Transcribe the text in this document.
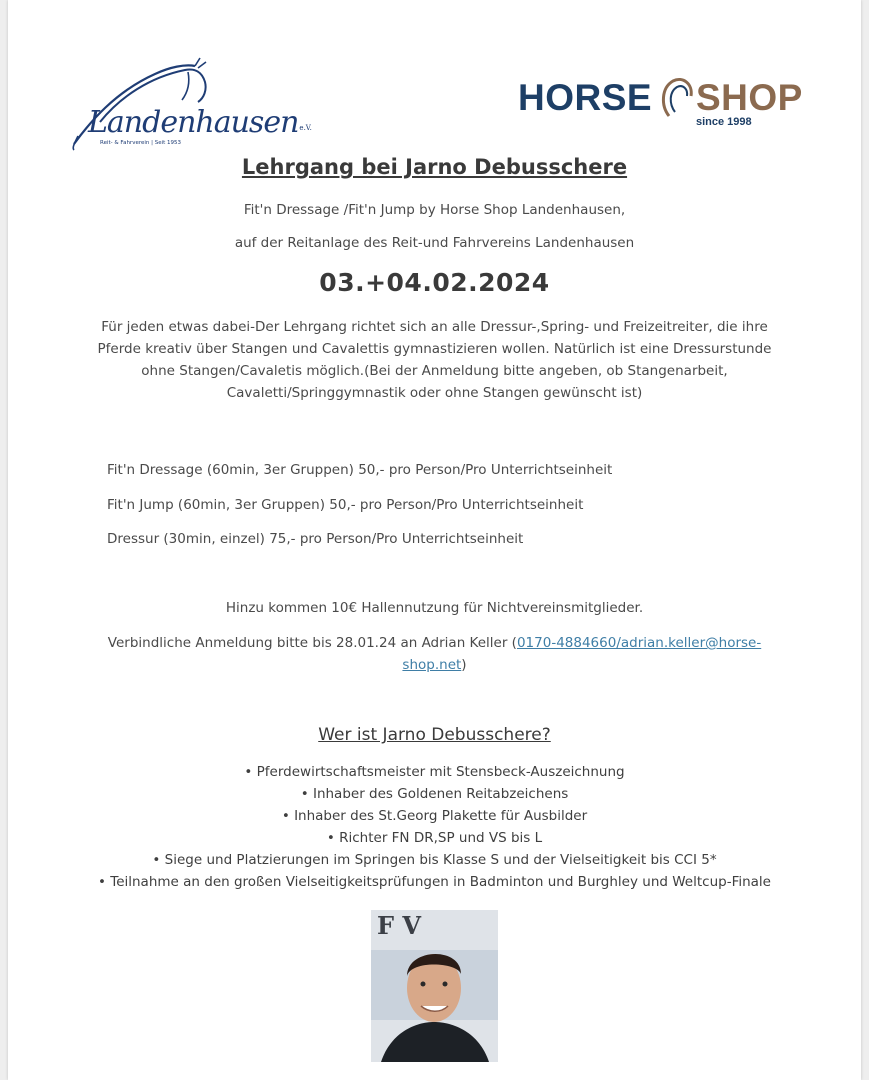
Landenhausene.V.
Reit- & Fahrverein | Seit 1953
HORSE SHOP
since 1998
Lehrgang bei Jarno Debusschere
Fit'n Dressage /Fit'n Jump by Horse Shop Landenhausen,
auf der Reitanlage des Reit-und Fahrvereins Landenhausen
03.+04.02.2024
Für jeden etwas dabei-Der Lehrgang richtet sich an alle Dressur-,Spring- und Freizeitreiter, die ihre
Pferde kreativ über Stangen und Cavalettis gymnastizieren wollen. Natürlich ist eine Dressurstunde
ohne Stangen/Cavaletis möglich.(Bei der Anmeldung bitte angeben, ob Stangenarbeit,
Cavaletti/Springgymnastik oder ohne Stangen gewünscht ist)
Fit'n Dressage (60min, 3er Gruppen) 50,- pro Person/Pro Unterrichtseinheit
Fit'n Jump (60min, 3er Gruppen) 50,- pro Person/Pro Unterrichtseinheit
Dressur (30min, einzel) 75,- pro Person/Pro Unterrichtseinheit
Hinzu kommen 10€ Hallennutzung für Nichtvereinsmitglieder.
Verbindliche Anmeldung bitte bis 28.01.24 an Adrian Keller (0170-4884660/adrian.keller@horse-
shop.net)
Wer ist Jarno Debusschere?
• Pferdewirtschaftsmeister mit Stensbeck-Auszeichnung
• Inhaber des Goldenen Reitabzeichens
• Inhaber des St.Georg Plakette für Ausbilder
• Richter FN DR,SP und VS bis L
• Siege und Platzierungen im Springen bis Klasse S und der Vielseitigkeit bis CCI 5*
• Teilnahme an den großen Vielseitigkeitsprüfungen in Badminton und Burghley und Weltcup-Finale
F V
